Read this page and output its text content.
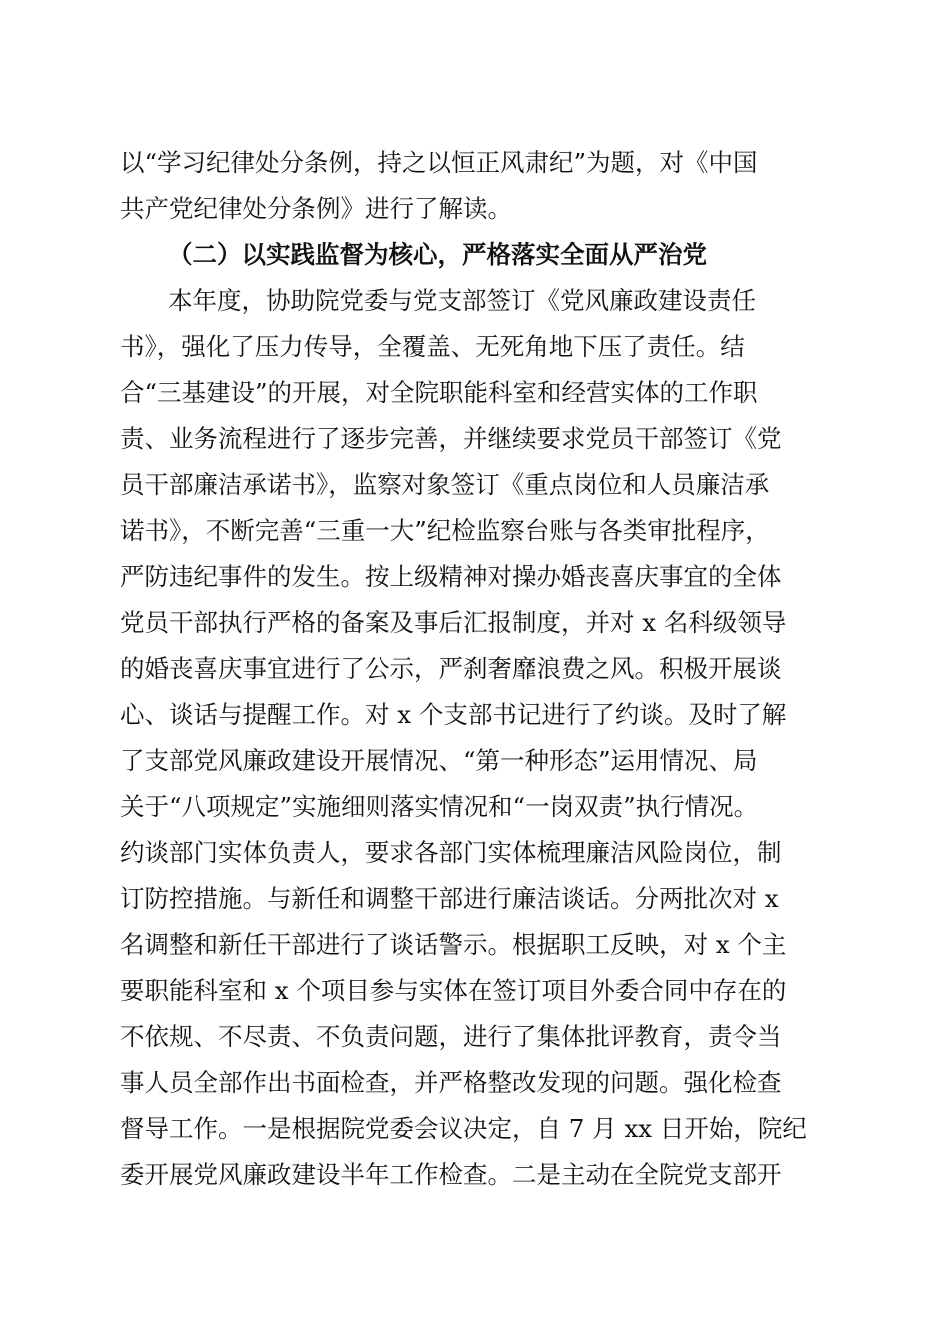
以“学习纪律处分条例，持之以恒正风肃纪”为题，对《中国
共产党纪律处分条例》进行了解读。
（二）以实践监督为核心，严格落实全面从严治党
本年度，协助院党委与党支部签订《党风廉政建设责任
书》，强化了压力传导，全覆盖、无死角地下压了责任。结
合“三基建设”的开展，对全院职能科室和经营实体的工作职
责、业务流程进行了逐步完善，并继续要求党员干部签订《党
员干部廉洁承诺书》，监察对象签订《重点岗位和人员廉洁承
诺书》，不断完善“三重一大”纪检监察台账与各类审批程序，
严防违纪事件的发生。按上级精神对操办婚丧喜庆事宜的全体
党员干部执行严格的备案及事后汇报制度，并对 x 名科级领导
的婚丧喜庆事宜进行了公示，严刹奢靡浪费之风。积极开展谈
心、谈话与提醒工作。对 x 个支部书记进行了约谈。及时了解
了支部党风廉政建设开展情况、“第一种形态”运用情况、局
关于“八项规定”实施细则落实情况和“一岗双责”执行情况。
约谈部门实体负责人，要求各部门实体梳理廉洁风险岗位，制
订防控措施。与新任和调整干部进行廉洁谈话。分两批次对 x
名调整和新任干部进行了谈话警示。根据职工反映，对 x 个主
要职能科室和 x 个项目参与实体在签订项目外委合同中存在的
不依规、不尽责、不负责问题，进行了集体批评教育，责令当
事人员全部作出书面检查，并严格整改发现的问题。强化检查
督导工作。一是根据院党委会议决定，自 7 月 xx 日开始，院纪
委开展党风廉政建设半年工作检查。二是主动在全院党支部开
